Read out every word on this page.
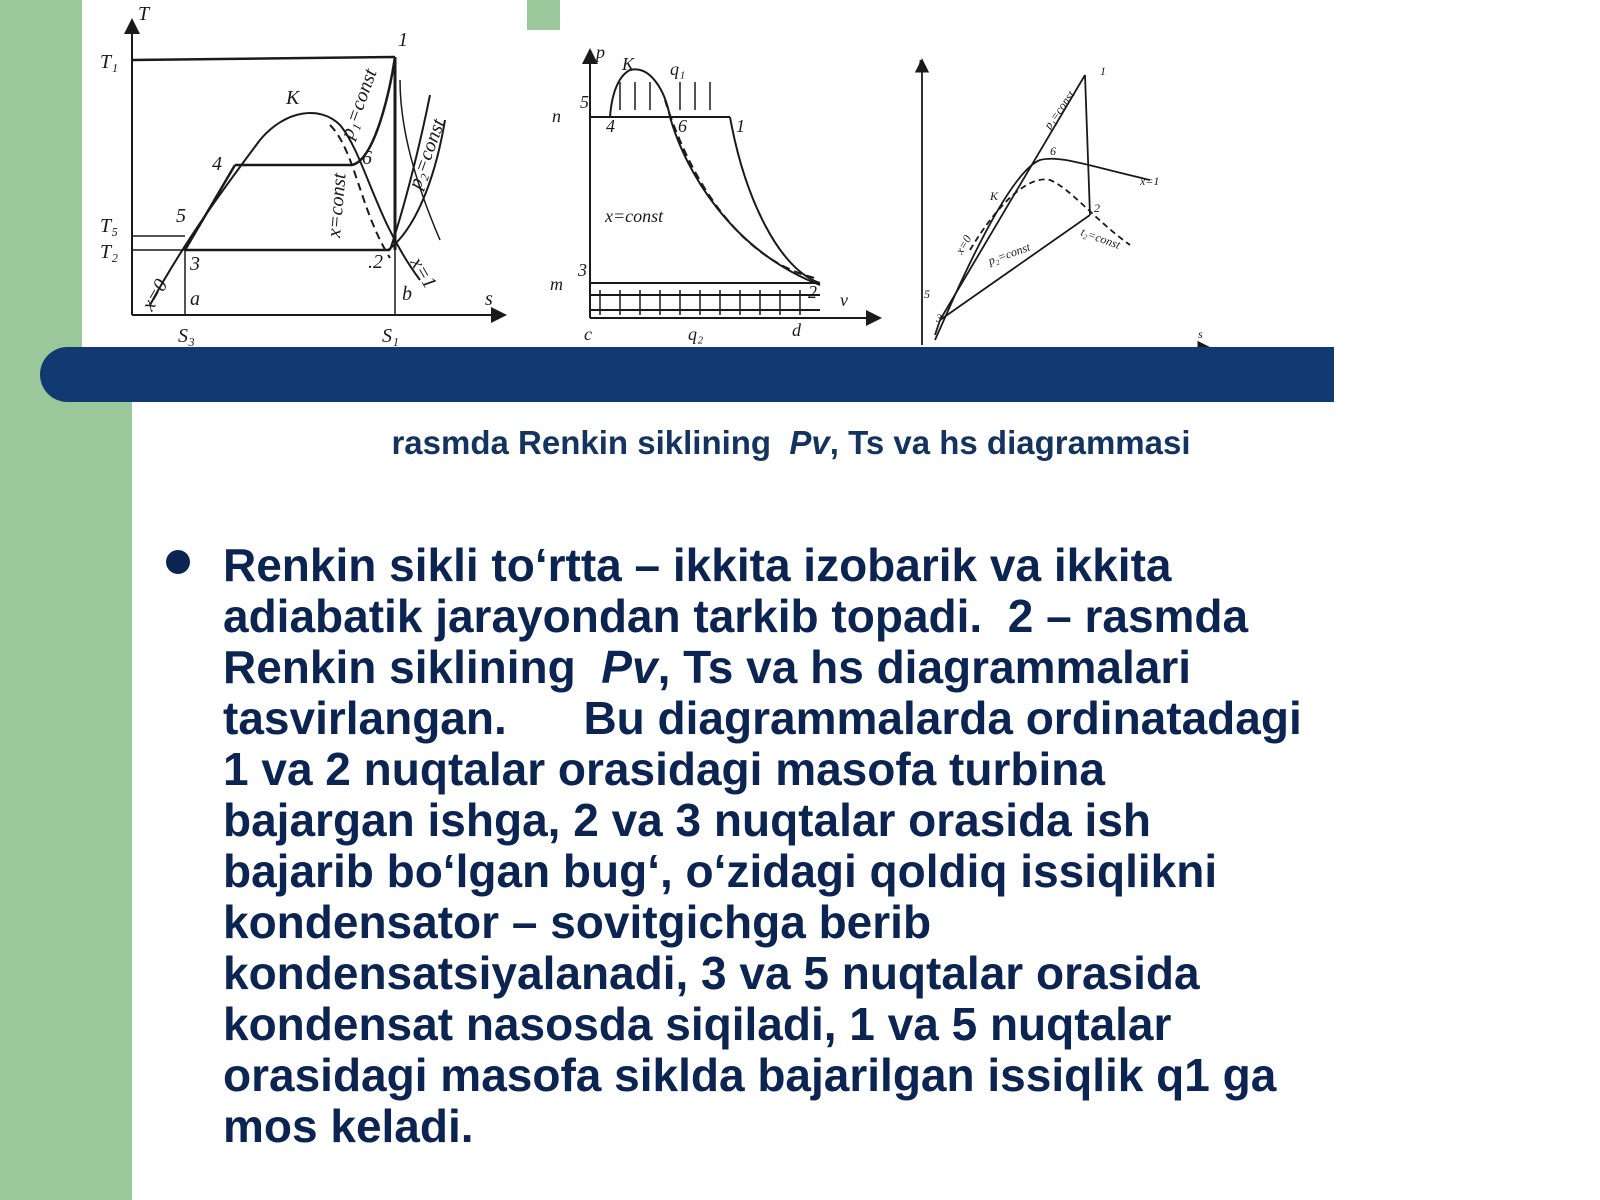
T
T₁
T₅
T₂
K
4
5
3
1
6
.2
a	b	s
S₃	S₁
x=0
x=1
p₁=const
p₂=const
x=const
p
K q₁
n
5
4	6	1
x=const
m
3
2 v
c	q₂	d
h	1
p₁=const
6
K
x=0
x=1
2
t₂=const
p₂=const
5
3
s
rasmda Renkin siklining  Pv, Ts va hs diagrammasi
Renkin sikli to‘rtta – ikkita izobarik va ikkita
adiabatik jarayondan tarkib topadi.  2 – rasmda
Renkin siklining  Pv, Ts va hs diagrammalari
tasvirlangan.      Bu diagrammalarda ordinatadagi
1 va 2 nuqtalar orasidagi masofa turbina
bajargan ishga, 2 va 3 nuqtalar orasida ish
bajarib bo‘lgan bug‘, o‘zidagi qoldiq issiqlikni
kondensator – sovitgichga berib
kondensatsiyalanadi, 3 va 5 nuqtalar orasida
kondensat nasosda siqiladi, 1 va 5 nuqtalar
orasidagi masofa siklda bajarilgan issiqlik q1 ga
mos keladi.
